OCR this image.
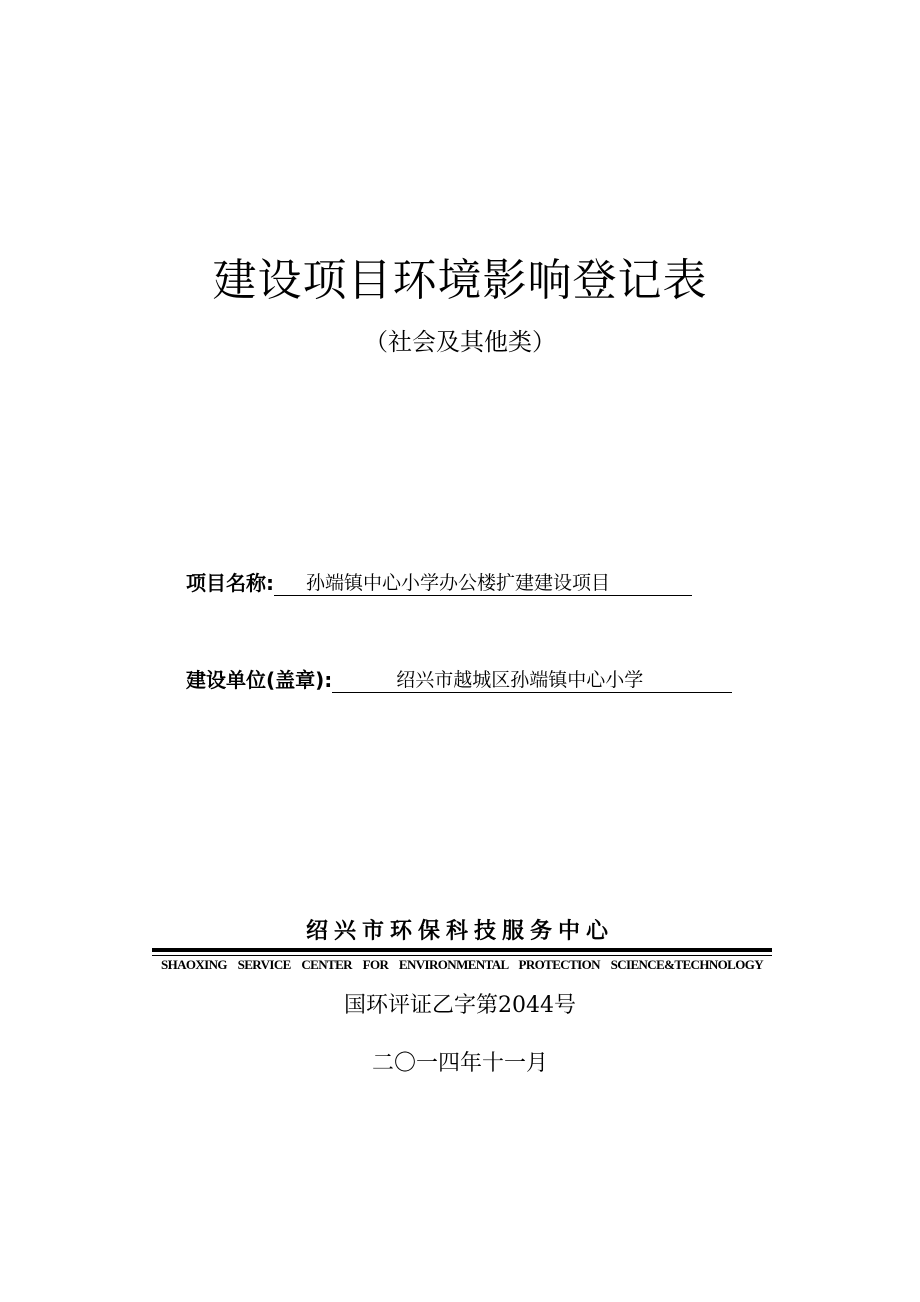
建设项目环境影响登记表
（社会及其他类）
项目名称:	孙端镇中心小学办公楼扩建建设项目
建设单位(盖章):	绍兴市越城区孙端镇中心小学
绍兴市环保科技服务中心
SHAOXING SERVICE CENTER FOR ENVIRONMENTAL PROTECTION SCIENCE&TECHNOLOGY
国环评证乙字第2044号
二〇一四年十一月
